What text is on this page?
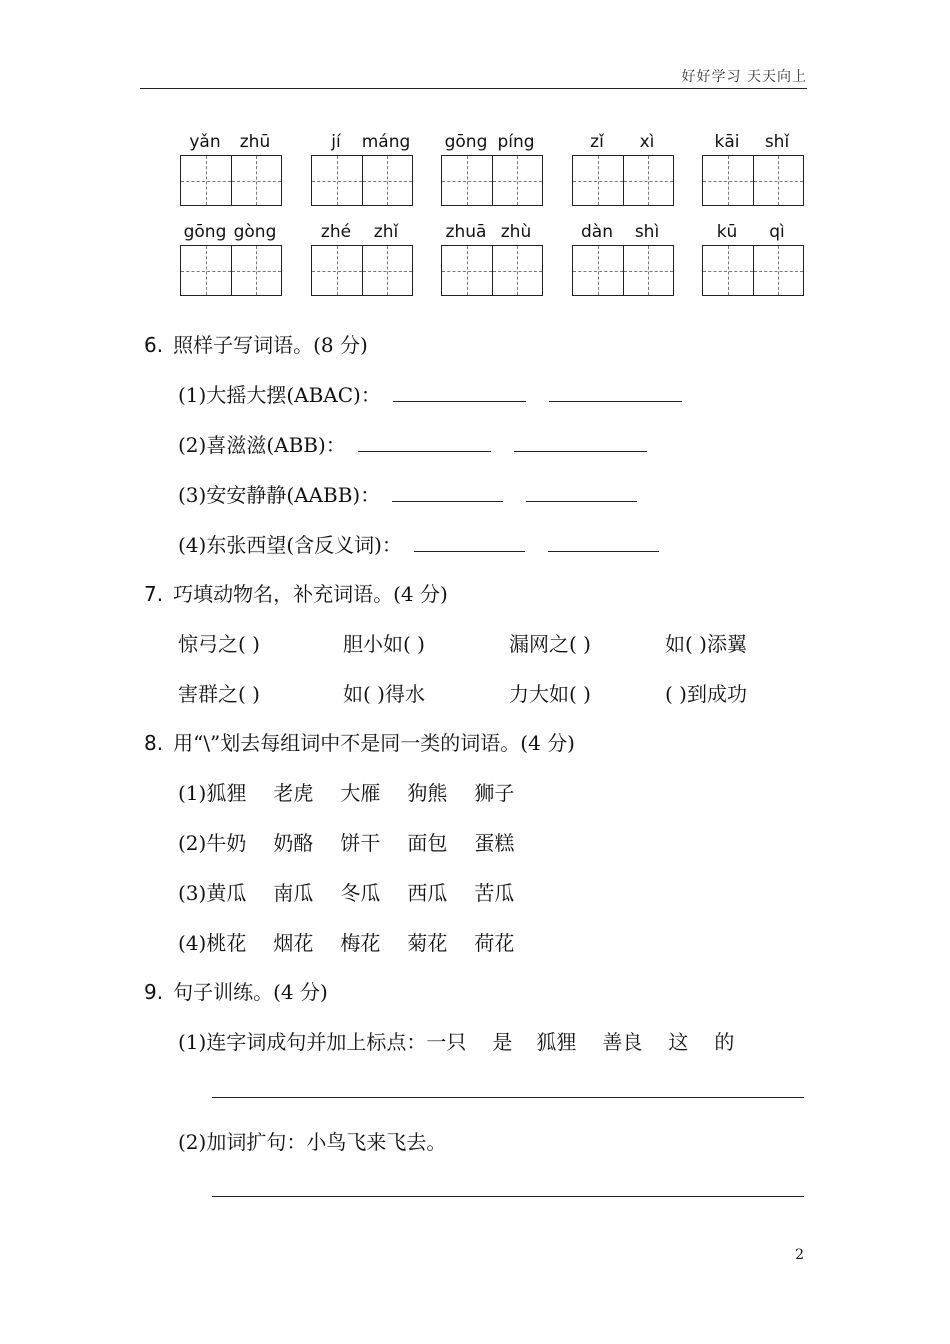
好好学习 天天向上
yǎn	zhū	jí	máng gōng píng	zǐ	xì	kāi	shǐ
gōng gòng	zhé	zhǐ	zhuā zhù	dàn	shì	kū	qì
6. 照样子写词语。(8 分)
(1)大摇大摆(ABAC)：
(2)喜滋滋(ABB)：
(3)安安静静(AABB)：
(4)东张西望(含反义词)：
7. 巧填动物名，补充词语。(4 分)
惊弓之( )	胆小如( )	漏网之( )	如( )添翼
害群之( )	如( )得水	力大如( )	( )到成功
8. 用“\”划去每组词中不是同一类的词语。(4 分)
(1)狐狸 老虎 大雁 狗熊 狮子
(2)牛奶 奶酪 饼干 面包 蛋糕
(3)黄瓜 南瓜 冬瓜 西瓜 苦瓜
(4)桃花 烟花 梅花 菊花 荷花
9. 句子训练。(4 分)
(1)连字词成句并加上标点：一只 是 狐狸 善良 这 的
(2)加词扩句：小鸟飞来飞去。
2
